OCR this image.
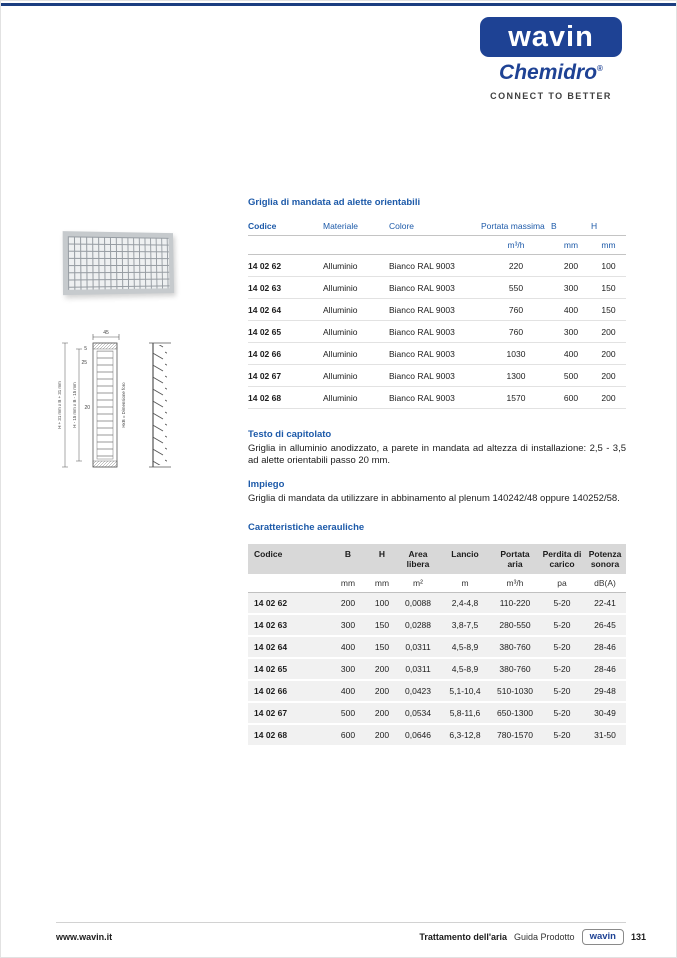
wavin
Chemidro®
CONNECT TO BETTER
45
5
25
20
H + 31 mm x B + 31 mm H - 15 mm x B - 15 mm	HxB = Dimensione foro
Griglia di mandata ad alette orientabili
Codice	Materiale	Colore	Portata massima	B	H
			m³/h	mm	mm
14 02 62	Alluminio	Bianco RAL 9003	220	200	100
14 02 63	Alluminio	Bianco RAL 9003	550	300	150
14 02 64	Alluminio	Bianco RAL 9003	760	400	150
14 02 65	Alluminio	Bianco RAL 9003	760	300	200
14 02 66	Alluminio	Bianco RAL 9003	1030	400	200
14 02 67	Alluminio	Bianco RAL 9003	1300	500	200
14 02 68	Alluminio	Bianco RAL 9003	1570	600	200
Testo di capitolato
Griglia in alluminio anodizzato, a parete in mandata ad altezza di installazione: 2,5 - 3,5 ad alette orientabili passo 20 mm.
Impiego
Griglia di mandata da utilizzare in abbinamento al plenum 140242/48 oppure 140252/58.
Caratteristiche aerauliche
Codice	B	H	Area libera	Lancio	Portata aria	Perdita di carico	Potenza sonora
	mm	mm	m²	m	m³/h	pa	dB(A)
14 02 62	200	100	0,0088	2,4-4,8	110-220	5-20	22-41
14 02 63	300	150	0,0288	3,8-7,5	280-550	5-20	26-45
14 02 64	400	150	0,0311	4,5-8,9	380-760	5-20	28-46
14 02 65	300	200	0,0311	4,5-8,9	380-760	5-20	28-46
14 02 66	400	200	0,0423	5,1-10,4	510-1030	5-20	29-48
14 02 67	500	200	0,0534	5,8-11,6	650-1300	5-20	30-49
14 02 68	600	200	0,0646	6,3-12,8	780-1570	5-20	31-50
www.wavin.it	Trattamento dell'aria Guida Prodotto	wavin	131
